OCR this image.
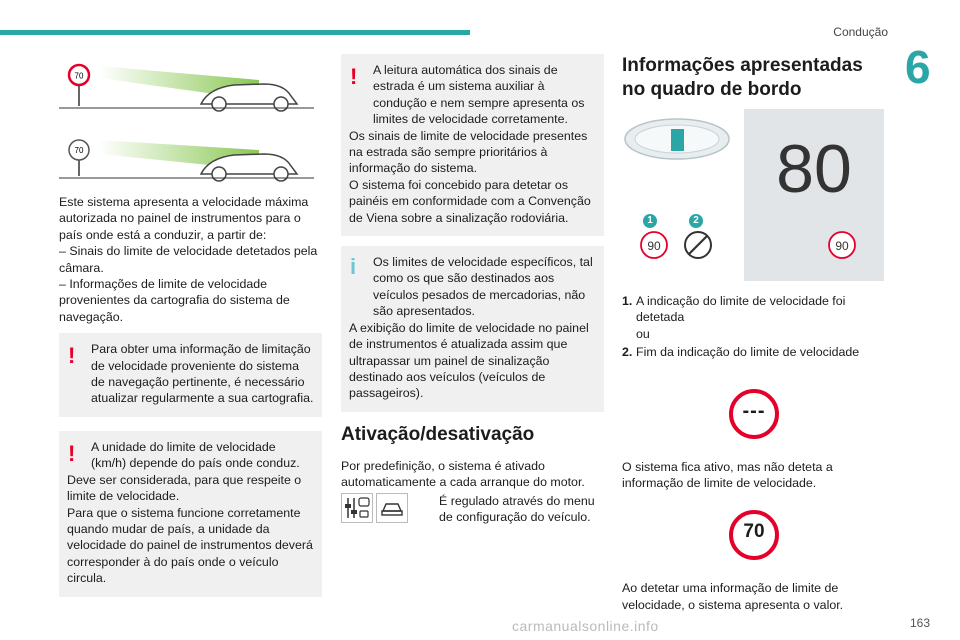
Condução
6
70
70

Este sistema apresenta a velocidade máxima autorizada no painel de instrumentos para o país onde está a conduzir, a partir de:

– Sinais do limite de velocidade detetados pela câmara.

– Informações de limite de velocidade provenientes da cartografia do sistema de navegação.

!	Para obter uma informação de limitação de velocidade proveniente do sistema de navegação pertinente, é necessário atualizar regularmente a sua cartografia.

!	A unidade do limite de velocidade (km/h) depende do país onde conduz.

Deve ser considerada, para que respeite o limite de velocidade.

Para que o sistema funcione corretamente quando mudar de país, a unidade da velocidade do painel de instrumentos deverá corresponder à do país onde o veículo circula.

!	A leitura automática dos sinais de estrada é um sistema auxiliar à condução e nem sempre apresenta os limites de velocidade corretamente.

Os sinais de limite de velocidade presentes na estrada são sempre prioritários à informação do sistema.

O sistema foi concebido para detetar os painéis em conformidade com a Convenção de Viena sobre a sinalização rodoviária.

i	Os limites de velocidade específicos, tal como os que são destinados aos veículos pesados de mercadorias, não são apresentados.

A exibição do limite de velocidade no painel de instrumentos é atualizada assim que ultrapassar um painel de sinalização destinado aos veículos (veículos de passageiros).

Ativação/desativação

Por predefinição, o sistema é ativado automaticamente a cada arranque do motor.

É regulado através do menu de configuração do veículo.
Informações apresentadas no quadro de bordo
80
1	2
90	90
1. A indicação do limite de velocidade foi detetada
ou
2. Fim da indicação do limite de velocidade
---

O sistema fica ativo, mas não deteta a informação de limite de velocidade.

70

Ao detetar uma informação de limite de velocidade, o sistema apresenta o valor.

carmanualsonline.info	163
